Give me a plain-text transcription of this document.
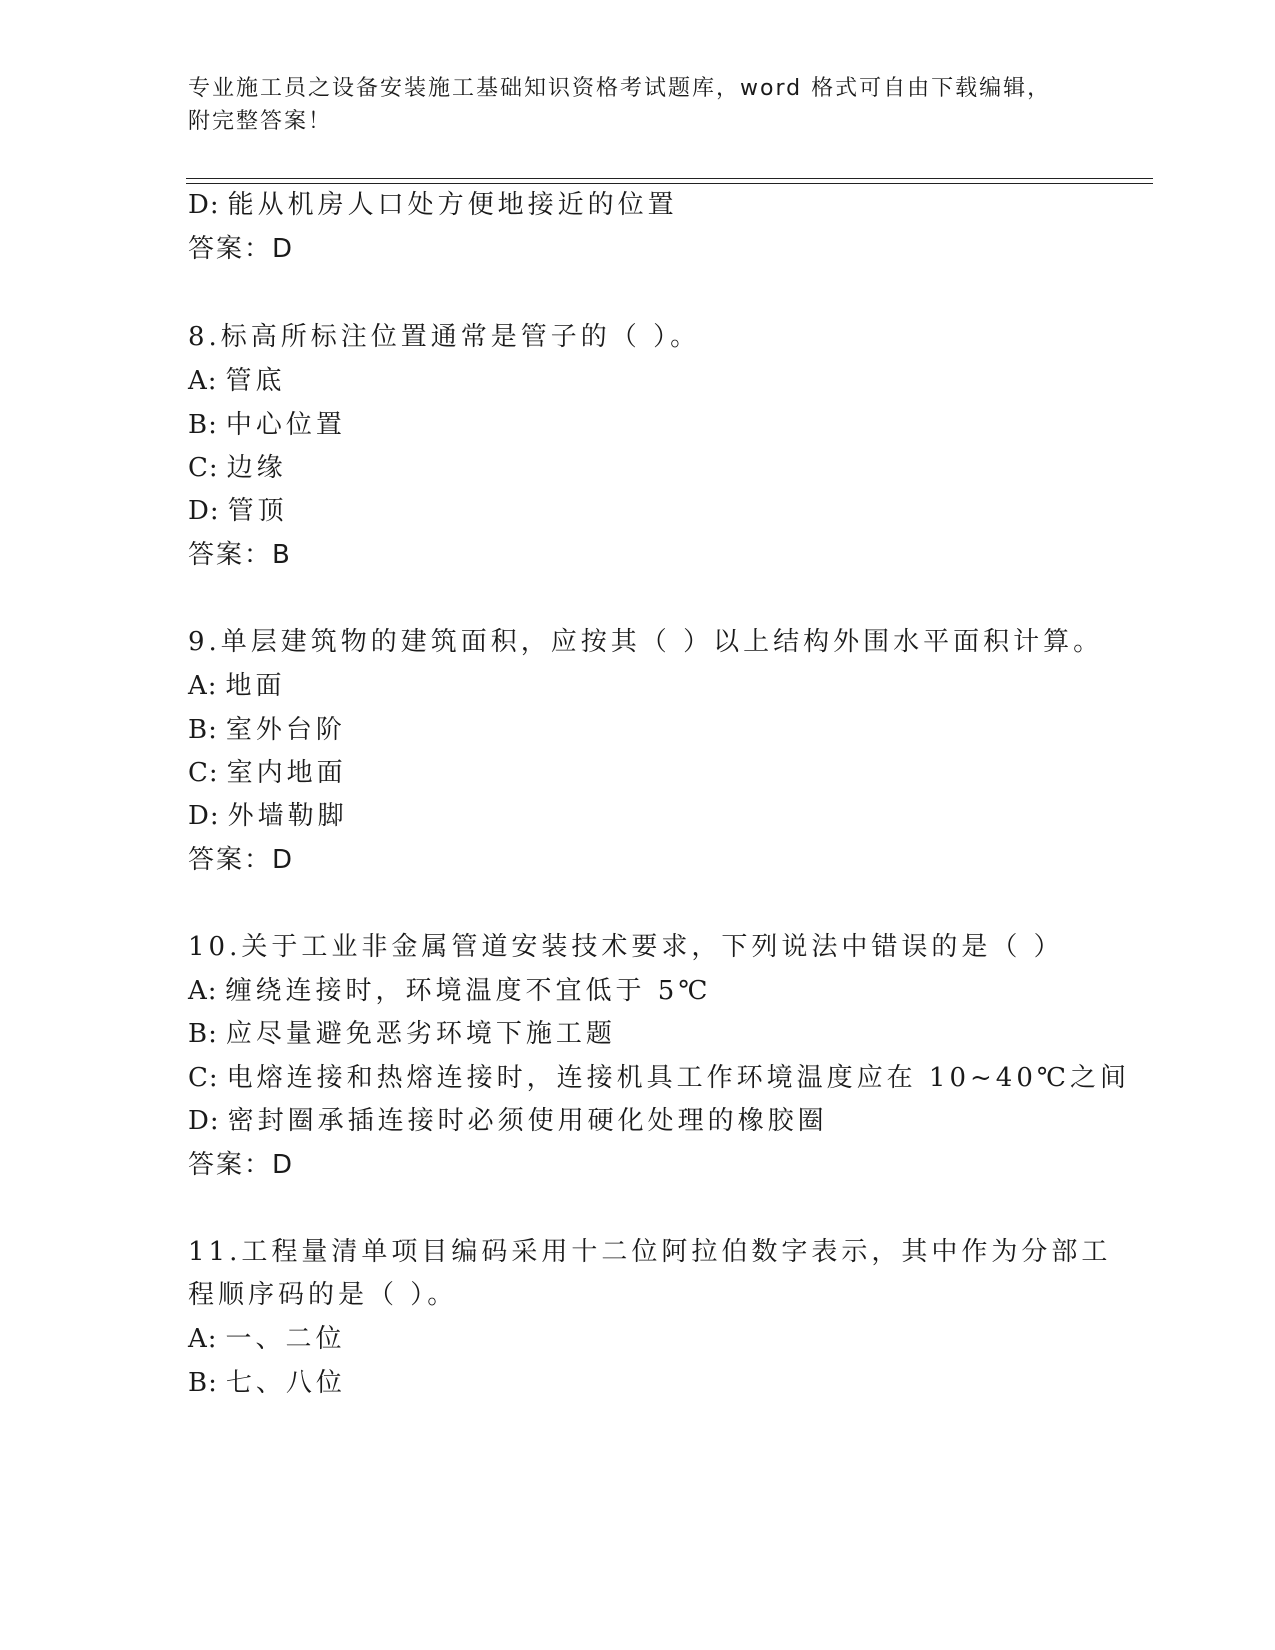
专业施工员之设备安装施工基础知识资格考试题库，word 格式可自由下载编辑，
附完整答案！
D: 能从机房人口处方便地接近的位置
答案：D
8.标高所标注位置通常是管子的（ ）。
A: 管底
B: 中心位置
C: 边缘
D: 管顶
答案：B
9.单层建筑物的建筑面积，应按其（ ）以上结构外围水平面积计算。
A: 地面
B: 室外台阶
C: 室内地面
D: 外墙勒脚
答案：D
10.关于工业非金属管道安装技术要求，下列说法中错误的是（ ）
A: 缠绕连接时，环境温度不宜低于 5℃
B: 应尽量避免恶劣环境下施工题
C: 电熔连接和热熔连接时，连接机具工作环境温度应在 10~40℃之间
D: 密封圈承插连接时必须使用硬化处理的橡胶圈
答案：D
11.工程量清单项目编码采用十二位阿拉伯数字表示，其中作为分部工
程顺序码的是（ ）。
A: 一、二位
B: 七、八位
